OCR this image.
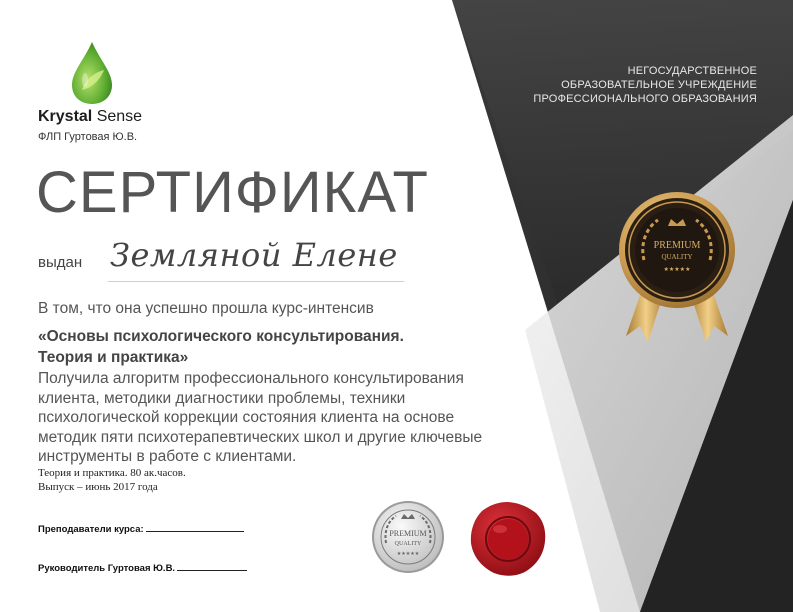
Krystal Sense
ФЛП Гуртовая Ю.В.
НЕГОСУДАРСТВЕННОЕ
ОБРАЗОВАТЕЛЬНОЕ УЧРЕЖДЕНИЕ
ПРОФЕССИОНАЛЬНОГО ОБРАЗОВАНИЯ
СЕРТИФИКАТ
выдан Земляной Елене
В том, что она успешно прошла курс-интенсив
«Основы психологического консультирования.
Теория и практика»
Получила алгоритм профессионального консультирования
клиента, методики диагностики проблемы, техники
психологической коррекции состояния клиента на основе
методик пяти психотерапевтических школ и другие ключевые
инструменты в работе с клиентами.
Теория и практика. 80 ак.часов.
Выпуск – июнь 2017 года
Преподаватели курса:
Руководитель Гуртовая Ю.В.
PREMIUM
QUALITY
★★★★★
PREMIUM
QUALITY
★★★★★
